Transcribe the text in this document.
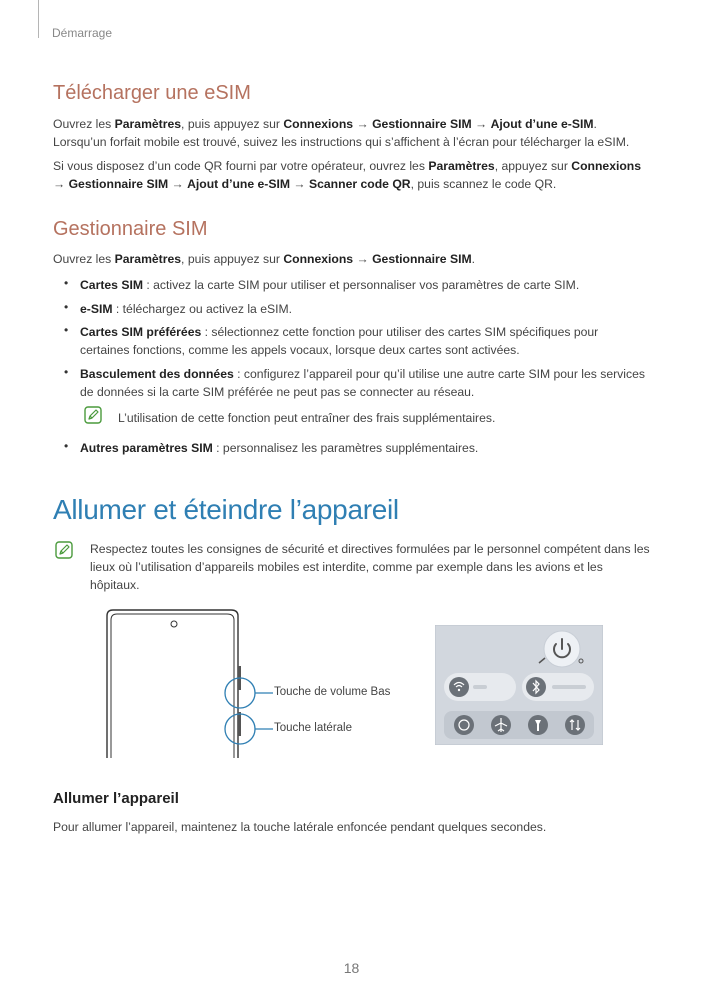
Démarrage
Télécharger une eSIM

Ouvrez les Paramètres, puis appuyez sur Connexions → Gestionnaire SIM → Ajout d’une e-SIM. Lorsqu’un forfait mobile est trouvé, suivez les instructions qui s’affichent à l’écran pour télécharger la eSIM.

Si vous disposez d’un code QR fourni par votre opérateur, ouvrez les Paramètres, appuyez sur Connexions → Gestionnaire SIM → Ajout d’une e-SIM → Scanner code QR, puis scannez le code QR.

Gestionnaire SIM

Ouvrez les Paramètres, puis appuyez sur Connexions → Gestionnaire SIM.

• Cartes SIM : activez la carte SIM pour utiliser et personnaliser vos paramètres de carte SIM.

• e-SIM : téléchargez ou activez la eSIM.

• Cartes SIM préférées : sélectionnez cette fonction pour utiliser des cartes SIM spécifiques pour certaines fonctions, comme les appels vocaux, lorsque deux cartes sont activées.

• Basculement des données : configurez l’appareil pour qu’il utilise une autre carte SIM pour les services de données si la carte SIM préférée ne peut pas se connecter au réseau.

L’utilisation de cette fonction peut entraîner des frais supplémentaires.

• Autres paramètres SIM : personnalisez les paramètres supplémentaires.

Allumer et éteindre l’appareil

Respectez toutes les consignes de sécurité et directives formulées par le personnel compétent dans les lieux où l’utilisation d’appareils mobiles est interdite, comme par exemple dans les avions et les hôpitaux.

Touche de volume Bas
Touche latérale
Allumer l’appareil

Pour allumer l’appareil, maintenez la touche latérale enfoncée pendant quelques secondes.

18
